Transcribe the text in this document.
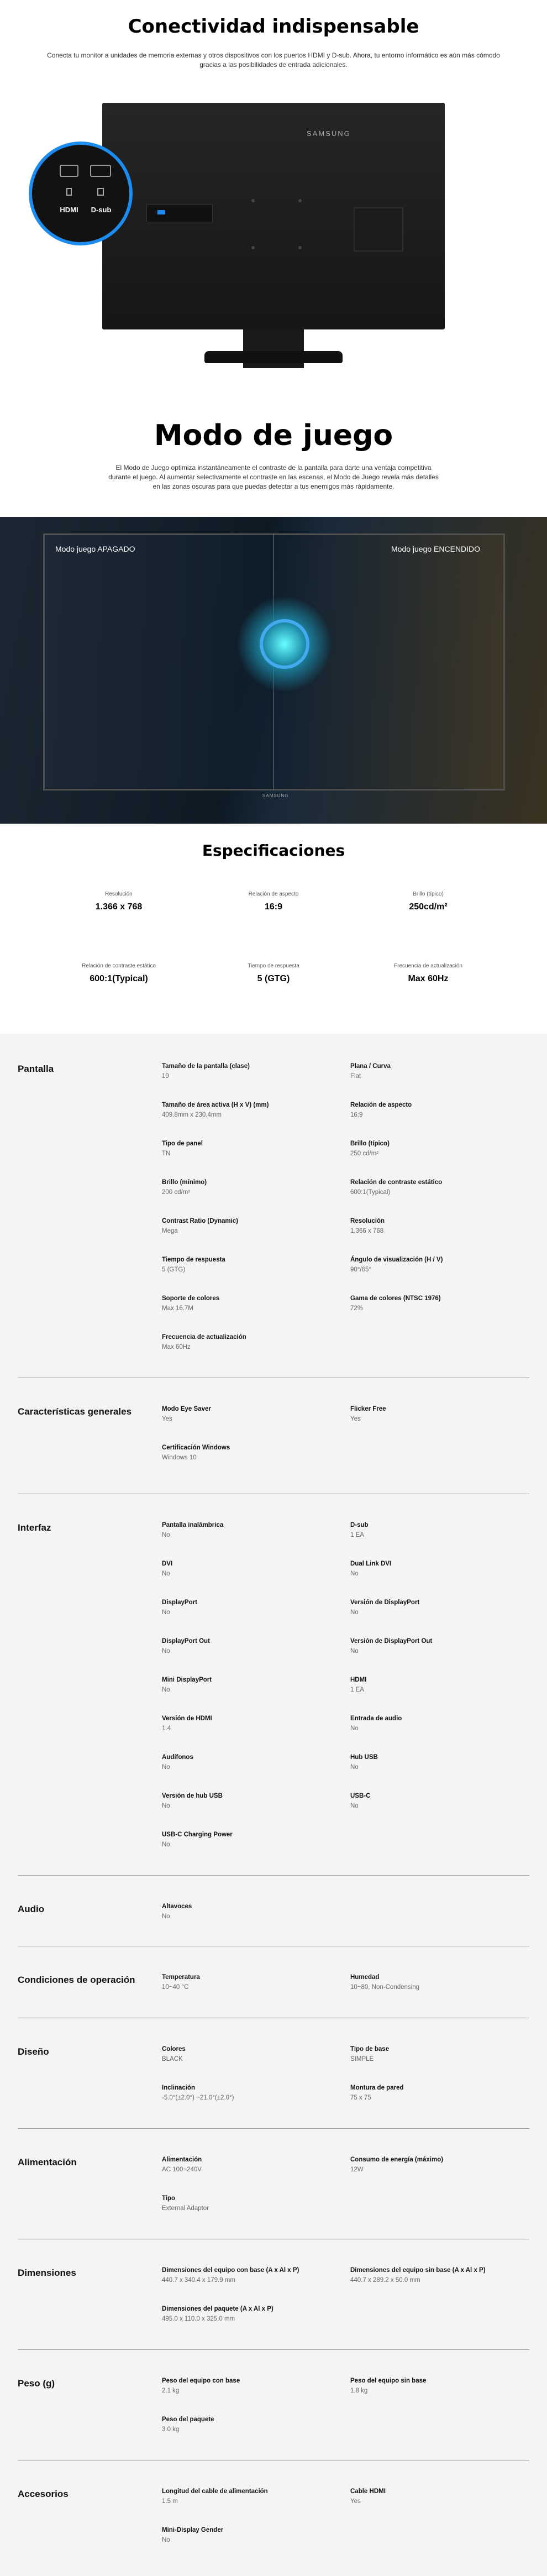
Conectividad indispensable

Conecta tu monitor a unidades de memoria externas y otros dispositivos con los puertos HDMI y D-sub. Ahora, tu entorno informático es aún más cómodo gracias a las posibilidades de entrada adicionales.

SAMSUNG
HDMI	D-sub
Modo de juego

El Modo de Juego optimiza instantáneamente el contraste de la pantalla para darte una ventaja competitiva durante el juego. Al aumentar selectivamente el contraste en las escenas, el Modo de Juego revela más detalles en las zonas oscuras para que puedas detectar a tus enemigos más rápidamente.

Modo juego APAGADO	Modo juego ENCENDIDO
SAMSUNG
Especificaciones
Resolución
1.366 x 768
Relación de aspecto
16:9
Brillo (típico)
250cd/m²
Relación de contraste estático
600:1(Typical)
Tiempo de respuesta
5 (GTG)
Frecuencia de actualización
Max 60Hz
Pantalla	Tamaño de la pantalla (clase)
19
Plana / Curva
Flat
Tamaño de área activa (H x V) (mm)
409.8mm x 230.4mm
Relación de aspecto
16:9
Tipo de panel
TN
Brillo (típico)
250 cd/m²
Brillo (mínimo)
200 cd/m²
Relación de contraste estático
600:1(Typical)
Contrast Ratio (Dynamic)
Mega
Resolución
1,366 x 768
Tiempo de respuesta
5 (GTG)
Ángulo de visualización (H / V)
90°/65°
Soporte de colores
Max 16.7M
Gama de colores (NTSC 1976)
72%
Frecuencia de actualización
Max 60Hz
Características generales	Modo Eye Saver
Yes
Flicker Free
Yes
Certificación Windows
Windows 10
Interfaz	Pantalla inalámbrica
No
D-sub
1 EA
DVI
No
Dual Link DVI
No
DisplayPort
No
Versión de DisplayPort
No
DisplayPort Out
No
Versión de DisplayPort Out
No
Mini DisplayPort
No
HDMI
1 EA
Versión de HDMI
1.4
Entrada de audio
No
Audífonos
No
Hub USB
No
Versión de hub USB
No
USB-C
No
USB-C Charging Power
No
Audio	Altavoces
No
Condiciones de operación	Temperatura
10~40 °C
Humedad
10~80, Non-Condensing
Diseño	Colores
BLACK
Tipo de base
SIMPLE
Inclinación
-5.0°(±2.0°) ~21.0°(±2.0°)
Montura de pared
75 x 75
Alimentación	Alimentación
AC 100~240V
Consumo de energía (máximo)
12W
Tipo
External Adaptor
Dimensiones	Dimensiones del equipo con base (A x Al x P)
440.7 x 340.4 x 179.9 mm
Dimensiones del equipo sin base (A x Al x P)
440.7 x 289.2 x 50.0 mm
Dimensiones del paquete (A x Al x P)
495.0 x 110.0 x 325.0 mm
Peso (g)	Peso del equipo con base
2.1 kg
Peso del equipo sin base
1.8 kg
Peso del paquete
3.0 kg
Accesorios	Longitud del cable de alimentación
1.5 m
Cable HDMI
Yes
Mini-Display Gender
No
